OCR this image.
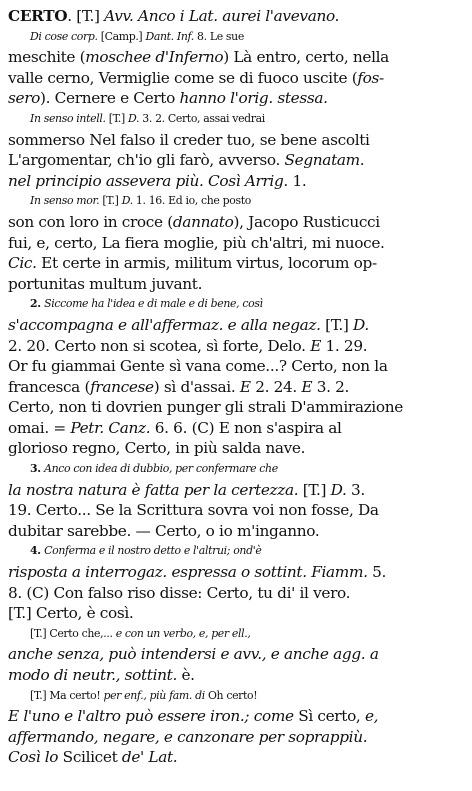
CERTO. [T.] Avv. Anco i Lat. aurei l'avevano.
Di cose corp. [Camp.] Dant. Inf. 8. Le sue
meschite (moschee d'Inferno) Là entro, certo, nella
valle cerno, Vermiglie come se di fuoco uscite (fos-
sero). Cernere e Certo hanno l'orig. stessa.
In senso intell. [T.] D. 3. 2. Certo, assai vedrai
sommerso Nel falso il creder tuo, se bene ascolti
L'argomentar, ch'io gli farò, avverso. Segnatam.
nel principio assevera più. Così Arrig. 1.
In senso mor. [T.] D. 1. 16. Ed io, che posto
son con loro in croce (dannato), Jacopo Rusticucci
fui, e, certo, La fiera moglie, più ch'altri, mi nuoce.
Cic. Et certe in armis, militum virtus, locorum op-
portunitas multum juvant.
2. Siccome ha l'idea e di male e di bene, così
s'accompagna e all'affermaz. e alla negaz. [T.] D.
2. 20. Certo non si scotea, sì forte, Delo. E 1. 29.
Or fu giammai Gente sì vana come...? Certo, non la
francesca (francese) sì d'assai. E 2. 24. E 3. 2.
Certo, non ti dovrien punger gli strali D'ammirazione
omai. = Petr. Canz. 6. 6. (C) E non s'aspira al
glorioso regno, Certo, in più salda nave.
3. Anco con idea di dubbio, per confermare che
la nostra natura è fatta per la certezza. [T.] D. 3.
19. Certo... Se la Scrittura sovra voi non fosse, Da
dubitar sarebbe. — Certo, o io m'inganno.
4. Conferma e il nostro detto e l'altrui; ond'è
risposta a interrogaz. espressa o sottint. Fiamm. 5.
8. (C) Con falso riso disse: Certo, tu di' il vero.
[T.] Certo, è così.
[T.] Certo che,... e con un verbo, e, per ell.,
anche senza, può intendersi e avv., e anche agg. a
modo di neutr., sottint. è.
[T.] Ma certo! per enf., più fam. di Oh certo!
E l'uno e l'altro può essere iron.; come Sì certo, e,
affermando, negare, e canzonare per soprappiù.
Così lo Scilicet de' Lat.
